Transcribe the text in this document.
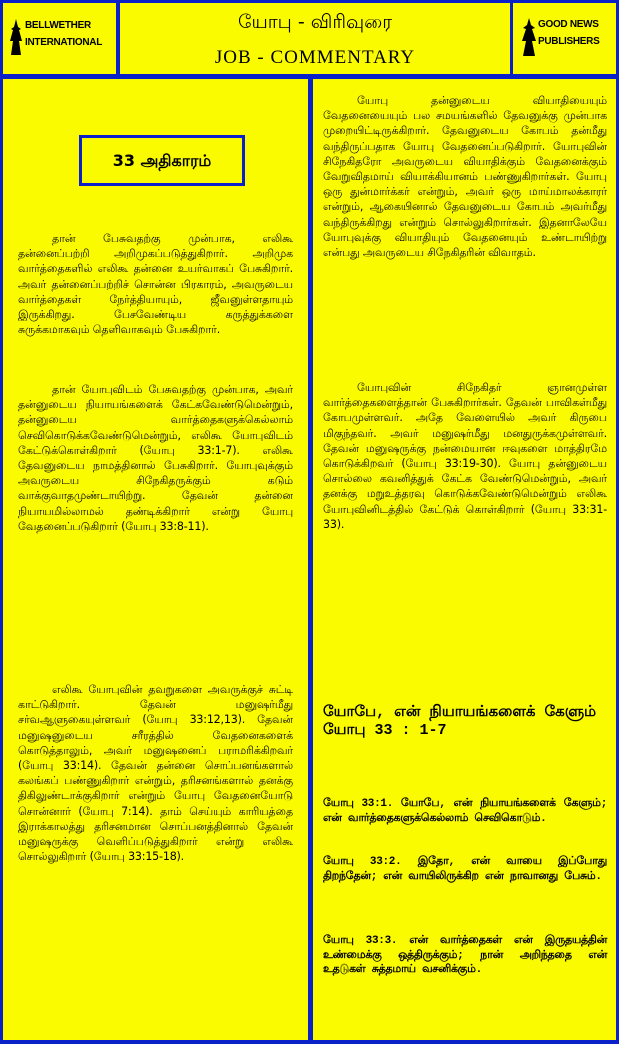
BELLWETHER
INTERNATIONAL
யோபு - விரிவுரை
JOB - COMMENTARY
GOOD NEWS
PUBLISHERS
33 அதிகாரம்

தான் பேசுவதற்கு முன்பாக, எலிகூ தன்னைப்பற்றி அறிமுகப்படுத்துகிறார். அறிமுக வார்த்தைகளில் எலிகூ தன்னை உயர்வாகப் பேசுகிறார். அவர் தன்னைப்பற்றிச் சொன்ன பிரகாரம், அவருடைய வார்த்தைகள் நேர்த்தியாயும், ஜீவனுள்ளதாயும் இருக்கிறது. பேசவேண்டிய கருத்துக்களை சுருக்கமாகவும் தெளிவாகவும் பேசுகிறார்.

தான் யோபுவிடம் பேசுவதற்கு முன்பாக, அவர் தன்னுடைய நியாயங்களைக் கேட்கவேண்டுமென்றும், தன்னுடைய வார்த்தைகளுக்கெல்லாம் செவிகொடுக்கவேண்டுமென்றும், எலிகூ யோபுவிடம் கேட்டுக்கொள்கிறார் (யோபு 33:1-7). எலிகூ தேவனுடைய நாமத்தினால் பேசுகிறார். யோபுவுக்கும் அவருடைய சிநேகிதருக்கும் கடும் வாக்குவாதமுண்டாயிற்று. தேவன் தன்னை நியாயமில்லாமல் தண்டிக்கிறார் என்று யோபு வேதனைப்படுகிறார் (யோபு 33:8-11).

எலிகூ யோபுவின் தவறுகளை அவருக்குச் சுட்டி காட்டுகிறார். தேவன் மனுஷர்மீது சர்வஆளுகையுள்ளவர் (யோபு 33:12,13). தேவன் மனுஷனுடைய சரீரத்தில் வேதனைகளைக் கொடுத்தாலும், அவர் மனுஷனைப் பராமரிக்கிறவர் (யோபு 33:14). தேவன் தன்னை சொப்பனங்களால் கலங்கப் பண்ணுகிறார் என்றும், தரிசனங்களால் தனக்கு திகிலுண்டாக்குகிறார் என்றும் யோபு வேதனையோடு சொன்னார் (யோபு 7:14). தாம் செய்யும் காரியத்தை இராக்காலத்து தரிசனமான சொப்பனத்தினால் தேவன் மனுஷருக்கு வெளிப்படுத்துகிறார் என்று எலிகூ சொல்லுகிறார் (யோபு 33:15-18).

யோபு தன்னுடைய வியாதியையும் வேதனையையும் பல சமயங்களில் தேவனுக்கு முன்பாக முறையிட்டிருக்கிறார். தேவனுடைய கோபம் தன்மீது வந்திருப்பதாக யோபு வேதனைப்படுகிறார். யோபுவின் சிநேகிதரோ அவருடைய வியாதிக்கும் வேதனைக்கும் வேறுவிதமாய் வியாக்கியானம் பண்ணுகிறார்கள். யோபு ஒரு துன்மார்க்கர் என்றும், அவர் ஒரு மாய்மாலக்காரர் என்றும், ஆகையினால் தேவனுடைய கோபம் அவர்மீது வந்திருக்கிறது என்றும் சொல்லுகிறார்கள். இதனாலேயே யோபுவுக்கு வியாதியும் வேதனையும் உண்டாயிற்று என்பது அவருடைய சிநேகிதரின் விவாதம்.

யோபுவின் சிநேகிதர் ஞானமுள்ள வார்த்தைகளைத்தான் பேசுகிறார்கள். தேவன் பாவிகள்மீது கோபமுள்ளவர். அதே வேளையில் அவர் கிருபை மிகுந்தவர். அவர் மனுஷர்மீது மனதுருக்கமுள்ளவர். தேவன் மனுஷருக்கு நன்மையான ஈவுகளை மாத்திரமே கொடுக்கிறவர் (யோபு 33:19-30). யோபு தன்னுடைய சொல்லை கவனித்துக் கேட்க வேண்டுமென்றும், அவர் தனக்கு மறுஉத்தரவு கொடுக்கவேண்டுமென்றும் எலிகூ யோபுவினிடத்தில் கேட்டுக் கொள்கிறார் (யோபு 33:31-33).

யோபே, என் நியாயங்களைக் கேளும்
யோபு 33 : 1-7

யோபு 33:1. யோபே, என் நியாயங்களைக் கேளும்; என் வார்த்தைகளுக்கெல்லாம் செவிகொடும்.

யோபு 33:2. இதோ, என் வாயை இப்போது திறந்தேன்; என் வாயிலிருக்கிற என் நாவானது பேசும்.

யோபு 33:3. என் வார்த்தைகள் என் இருதயத்தின் உண்மைக்கு ஒத்திருக்கும்; நான் அறிந்ததை என் உதடுகள் சுத்தமாய் வசனிக்கும்.
